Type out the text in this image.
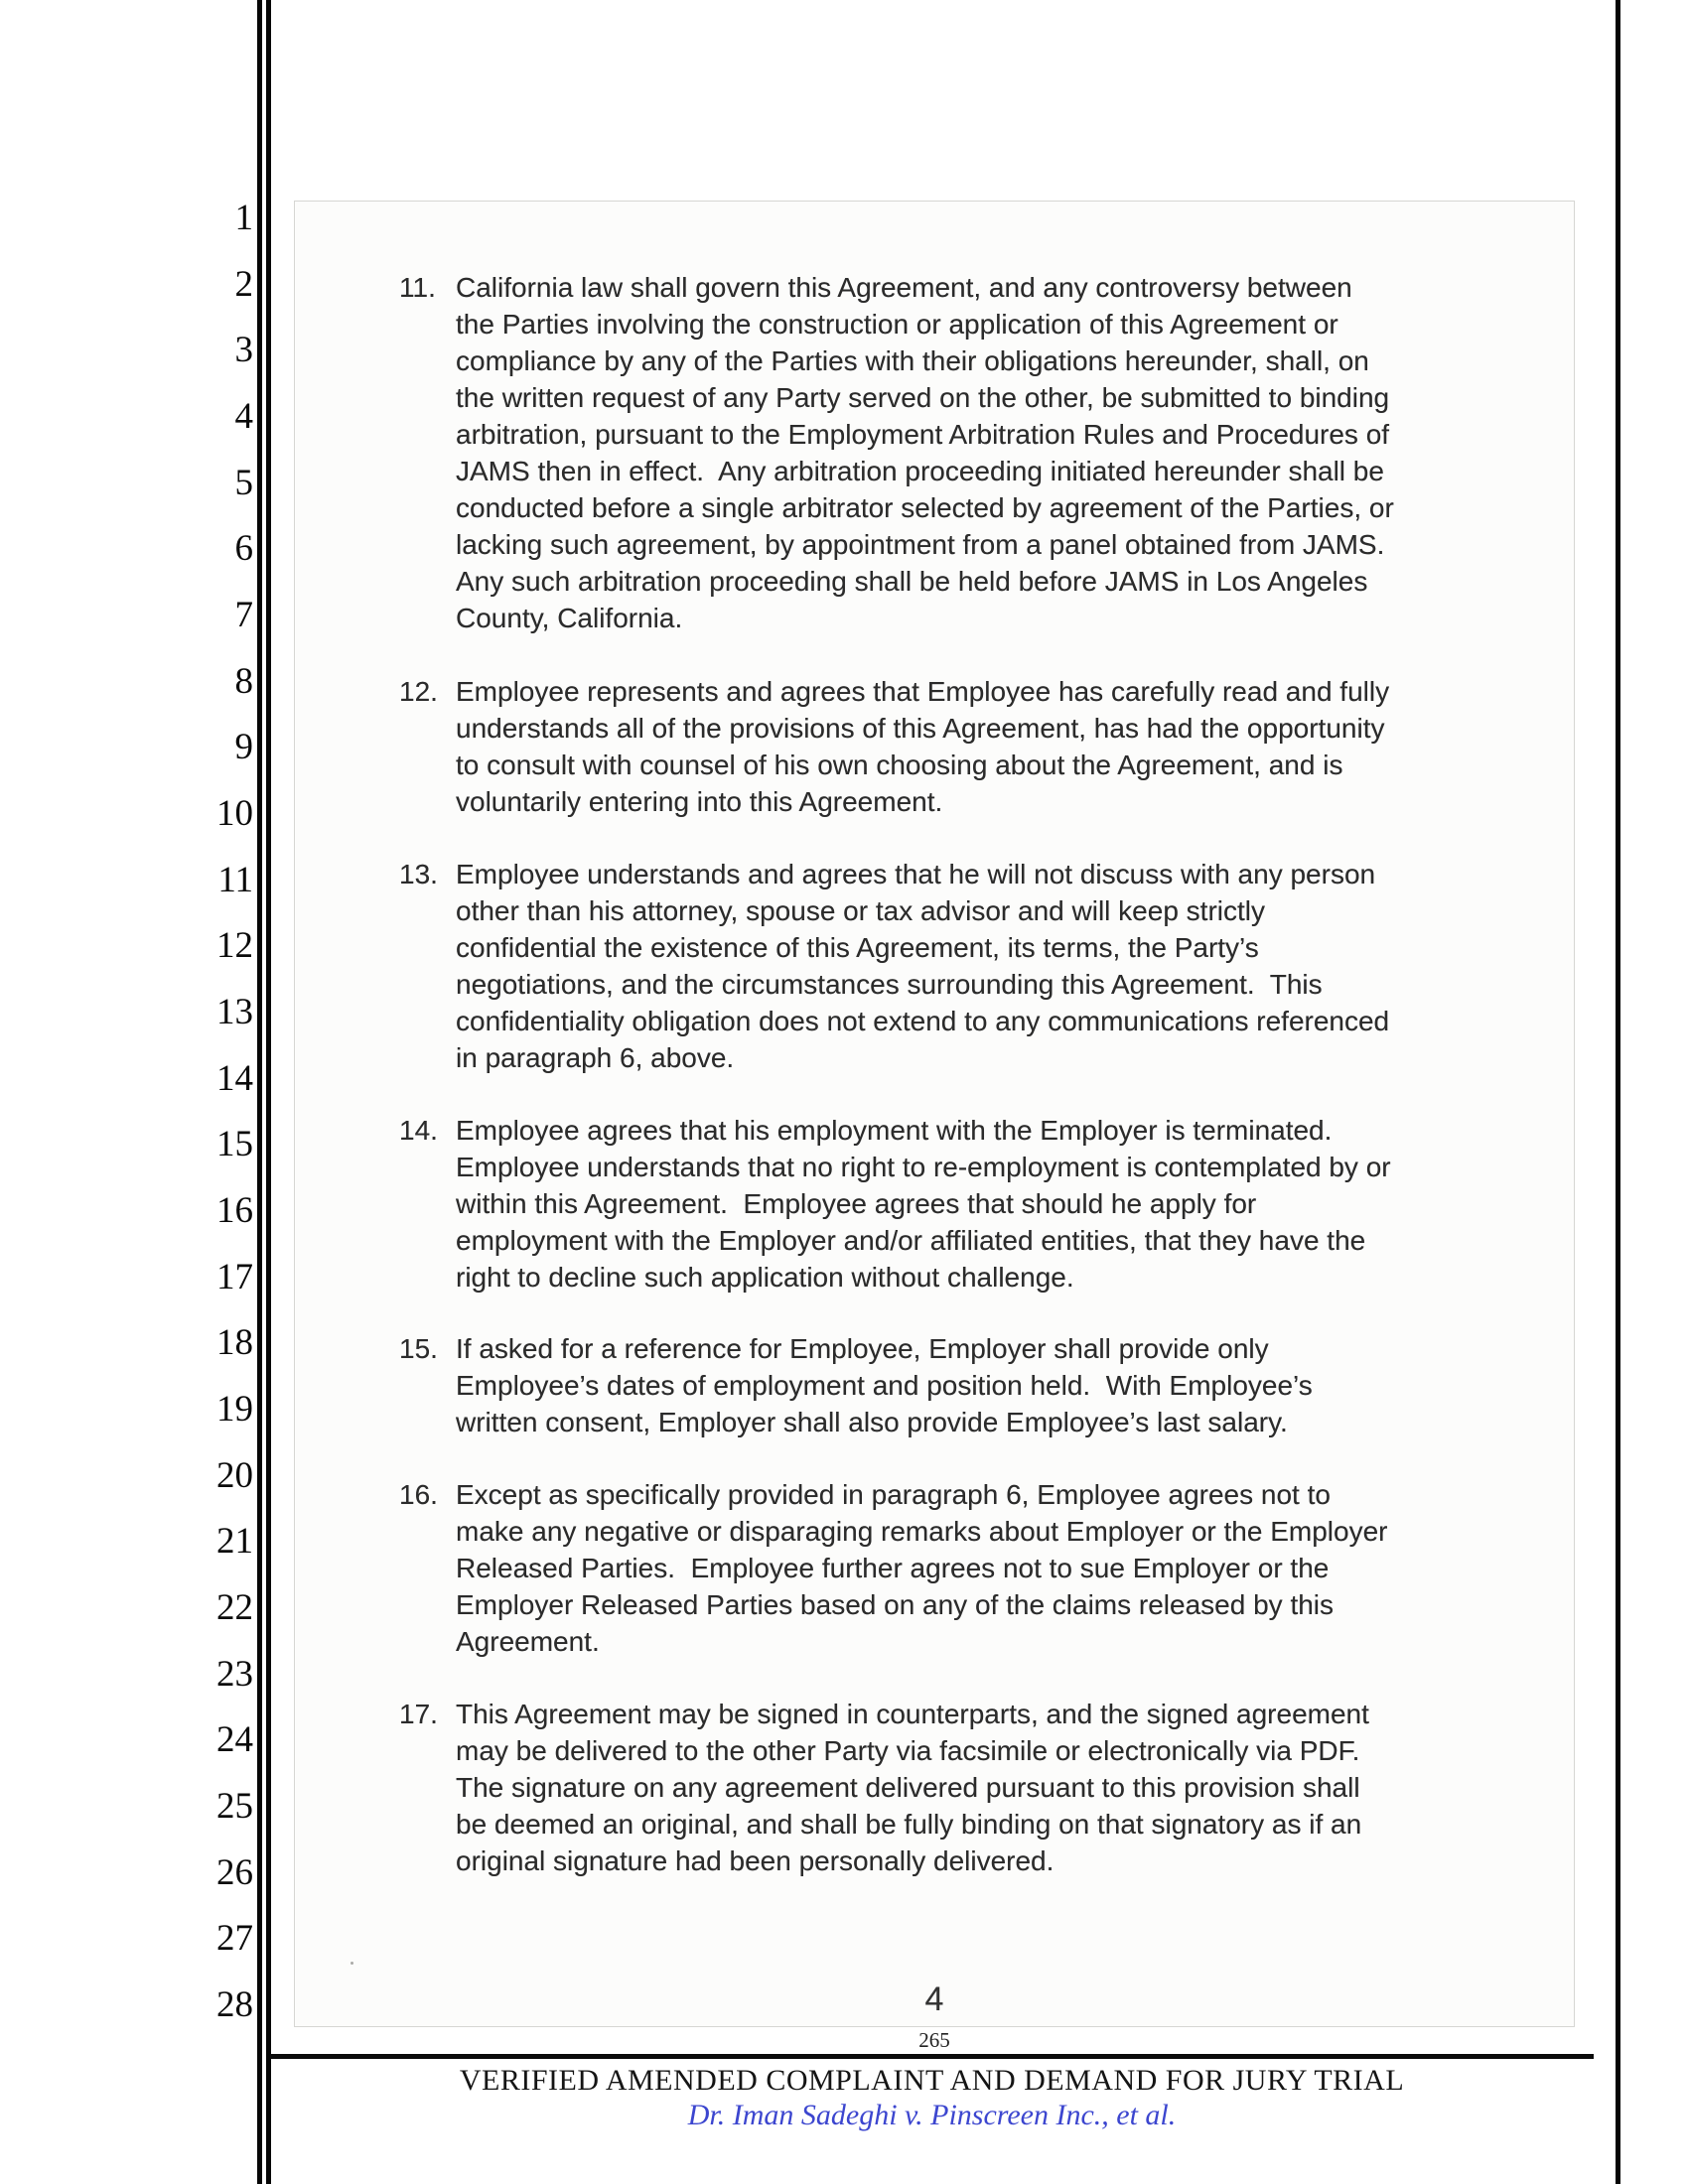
1
2
3
4
5
6
7
8
9
10
11
12
13
14
15
16
17
18
19
20
21
22
23
24
25
26
27
28
11. California law shall govern this Agreement, and any controversy between
the Parties involving the construction or application of this Agreement or
compliance by any of the Parties with their obligations hereunder, shall, on
the written request of any Party served on the other, be submitted to binding
arbitration, pursuant to the Employment Arbitration Rules and Procedures of
JAMS then in effect.  Any arbitration proceeding initiated hereunder shall be
conducted before a single arbitrator selected by agreement of the Parties, or
lacking such agreement, by appointment from a panel obtained from JAMS.
Any such arbitration proceeding shall be held before JAMS in Los Angeles
County, California.
12. Employee represents and agrees that Employee has carefully read and fully
understands all of the provisions of this Agreement, has had the opportunity
to consult with counsel of his own choosing about the Agreement, and is
voluntarily entering into this Agreement.
13. Employee understands and agrees that he will not discuss with any person
other than his attorney, spouse or tax advisor and will keep strictly
confidential the existence of this Agreement, its terms, the Party’s
negotiations, and the circumstances surrounding this Agreement.  This
confidentiality obligation does not extend to any communications referenced
in paragraph 6, above.
14. Employee agrees that his employment with the Employer is terminated.
Employee understands that no right to re-employment is contemplated by or
within this Agreement.  Employee agrees that should he apply for
employment with the Employer and/or affiliated entities, that they have the
right to decline such application without challenge.
15. If asked for a reference for Employee, Employer shall provide only
Employee’s dates of employment and position held.  With Employee’s
written consent, Employer shall also provide Employee’s last salary.
16. Except as specifically provided in paragraph 6, Employee agrees not to
make any negative or disparaging remarks about Employer or the Employer
Released Parties.  Employee further agrees not to sue Employer or the
Employer Released Parties based on any of the claims released by this
Agreement.
17. This Agreement may be signed in counterparts, and the signed agreement
may be delivered to the other Party via facsimile or electronically via PDF.
The signature on any agreement delivered pursuant to this provision shall
be deemed an original, and shall be fully binding on that signatory as if an
original signature had been personally delivered.
4
265
VERIFIED AMENDED COMPLAINT AND DEMAND FOR JURY TRIAL
Dr. Iman Sadeghi v. Pinscreen Inc., et al.
